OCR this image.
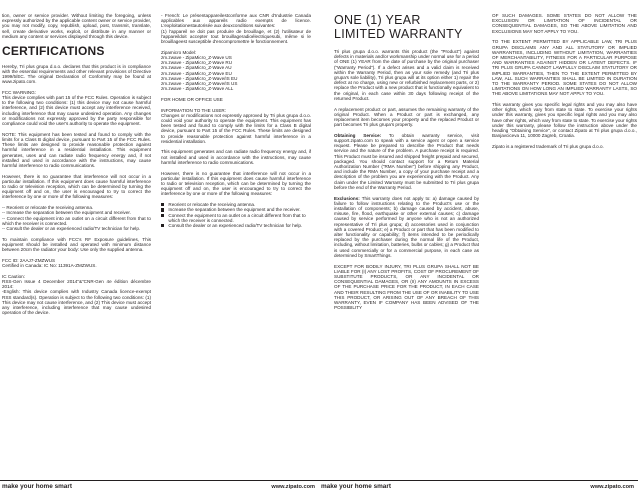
tion, owner or service provider. Without limiting the foregoing, unless expressly authorized by the applicable content owner or service provider, you may not modify, copy, republish, upload, post, transmit, translate, sell, create derivative works, exploit, or distribute in any manner or medium any content or services displayed through this device.

CERTIFICATIONS

Hereby, Tri plus grupa d.o.o. declares that this product is in compliance with the essential requirements and other relevant provisions of Directive 1999/5/EC. The original Declaration of Conformity may be found at www.zipato.com.

FCC WARNING:

This device complies with part 15 of the FCC Rules. Operation is subject to the following two conditions: (1) this device may not cause harmful interference, and (2) this device must accept any interference received, including interference that may cause undesired operation. Any changes or modifications not expressly approved by the party responsible for compliance could void the user's authority to operate the equipment.

NOTE: This equipment has been tested and found to comply with the limits for a Class B digital device, pursuant to Part 15 of the FCC Rules. These limits are designed to provide reasonable protection against harmful interference in a residential installation. This equipment generates, uses and can radiate radio frequency energy and, if not installed and used in accordance with the instructions, may cause harmful interference to radio communications.

However, there is no guarantee that interference will not occur in a particular installation. If this equipment does cause harmful interference to radio or television reception, which can be determined by turning the equipment off and on, the user is encouraged to try to correct the interference by one or more of the following measures:

-- Reorient or relocate the receiving antenna.
-- Increase the separation between the equipment and receiver.
-- Connect the equipment into an outlet on a circuit different from that to which the receiver is connected.
-- Consult the dealer or an experienced radio/TV technician for help.

To maintain compliance with FCC's RF Exposure guidelines, This equipment should be installed and operated with minimum distance between 20cm the radiator your body: Use only the supplied antenna.

FCC ID: 2AAJ7-ZMZWUS

Certified in Canada: IC No: 11391A-ZMZWUS.

IC Caution:

RSS-Gen Issue 4 December 2014"&"CNR-Gen 4e édition décembre 2014:
-English: This device complies with Industry Canada licence-exempt RSS standard(s). Operation is subject to the following two conditions: (1) This device may not cause interference, and (2) This device must accept any interference, including interference that may cause undesired operation of the device.

- French: Le présentappareilestconforme aux CNR d'Industrie Canada applicables aux appareils radio exempts de licence. L'exploitationestautorisée aux deuxconditions suivantes:
(1) l'appareil ne doit pas produire de brouillage, et (2) l'utilisateur de l'appareildoit accepter tout brouillageradioélectriquesubi, même si le brouillageest susceptible d'encompromettre le fonctionnement.

Zipamicro Model:

zm.zwave - ZipaMicro_Z-Wave US
zm.zwave - ZipaMicro_Z-Wave RU
zm.zwave - ZipaMicro_Z-Wave AU
zm.zwave - ZipaMicro_Z-Wave EU
zm.zwave - ZipaMicro_Z-Wave/IS EU
zm.zwave - ZipaMicro_Z-Wave/IS US
zm.zwave - ZipaMicro_Z-Wave ALL

FOR HOME OR OFFICE USE

INFORMATION TO THE USER:
Changes or modifications not expressly approved by Tri plus grupa d.o.o. could void your authority to operate the equipment. This equipment has been tested and found to comply with the limits for a Class B digital device, pursuant to Part 15 of the FCC Rules. These limits are designed to provide reasonable protection against harmful interference in a residential installation.

This equipment generates and can radiate radio frequency energy and, if not installed and used in accordance with the instructions, may cause harmful interference to radio communications.

However, there is no guarantee that interference will not occur in a particular installation. If this equipment does cause harmful interference to radio or television reception, which can be determined by turning the equipment off and on, the user is encouraged to try to correct the interference by one or more of the following measures:

Reorient or relocate the receiving antenna.
Increase the separation between the equipment and the receiver.
Connect the equipment to an outlet on a circuit different from that to which the receiver is connected.
Consult the dealer or an experienced radio/TV technician for help.
ONE (1) YEAR
LIMITED WARRANTY

Tri plus grupa d.o.o. warrants this product (the "Product") against defects in materials and/or workmanship under normal use for a period of ONE (1) YEAR from the date of purchase by the original purchaser ("Warranty Period"). If a defect arises and a valid claim is received within the Warranty Period, then as your sole remedy (and Tri plus grupa's sole liability), Tri plus grupa will at its option either 1) repair the defect at no charge, using new or refurbished replacement parts, or 2) replace the Product with a new product that is functionally equivalent to the original, in each case within 30 days following receipt of the returned Product.

A replacement product or part, assumes the remaining warranty of the original Product. When a Product or part is exchanged, any replacement item becomes your property and the replaced Product or part becomes Tri plus grupa's property.

Obtaining Service: To obtain warranty service, visit support.zipato.com to speak with a service agent or open a service request. Please be prepared to describe the Product that needs service and the nature of the problem. A purchase receipt is required. This Product must be insured and shipped freight prepaid and secured, packaged. You should contact support for a Return Material Authorization Number ("RMA Number") before shipping any Product, and include the RMA Number, a copy of your purchase receipt and a description of the problem you are experiencing with the Product. Any claim under the Limited Warranty must be submitted to Tri plus grupa before the end of the Warranty Period.

Exclusions: This warranty does not apply to: a) damage caused by failure to follow instructions relating to the Product's use or the installation of components; b) damage caused by accident, abuse, misuse, fire, flood, earthquake or other external causes; c) damage caused by service performed by anyone who is not an authorized representative of Tri plus grupa; d) accessories used in conjunction with a covered Product; e) a Product or part that has been modified to alter functionality or capability; f) items intended to be periodically replaced by the purchaser during the normal life of the Product, including, without limitation, batteries, bulbs or cables; g) a Product that is used commercially or for a commercial purpose, in each case as determined by SmartThings.

EXCEPT FOR BODILY INJURY, TRI PLUS GRUPA SHALL NOT BE LIABLE FOR (I) ANY LOST PROFITS, COST OF PROCUREMENT OF SUBSTITUTE PRODUCTS, OR ANY INCIDENTAL OR CONSEQUENTIAL DAMAGES, OR (II) ANY AMOUNTS IN EXCESS OF THE PURCHASE PRICE FOR THE PRODUCT, IN EACH CASE AND THEIR RESULTING FROM THE USE OF OR INABILITY TO USE THIS PRODUCT, OR ARISING OUT OF ANY BREACH OF THIS WARRANTY, EVEN IF COMPANY HAS BEEN ADVISED OF THE POSSIBILITY

OF SUCH DAMAGES. SOME STATES DO NOT ALLOW THE EXCLUSION OR LIMITATION OF INCIDENTAL OR CONSEQUENTIAL DAMAGES, SO THE ABOVE LIMITATION AND EXCLUSIONS MAY NOT APPLY TO YOU.

TO THE EXTENT PERMITTED BY APPLICABLE LAW, TRI PLUS GRUPA DISCLAIMS ANY AND ALL STATUTORY OR IMPLIED WARRANTIES, INCLUDING WITHOUT LIMITATION, WARRANTIES OF MERCHANTABILITY, FITNESS FOR A PARTICULAR PURPOSE AND WARRANTIES AGAINST HIDDEN OR LATENT DEFECTS. IF TRI PLUS GRUPA CANNOT LAWFULLY DISCLAIM STATUTORY OR IMPLIED WARRANTIES, THEN TO THE EXTENT PERMITTED BY LAW, ALL SUCH WARRANTIES SHALL BE LIMITED IN DURATION TO THE WARRANTY PERIOD. SOME STATES DO NOT ALLOW LIMITATIONS ON HOW LONG AN IMPLIED WARRANTY LASTS, SO THE ABOVE LIMITATIONS MAY NOT APPLY TO YOU.

This warranty gives you specific legal rights and you may also have other rights, which vary from state to state. To exercise your rights under this warranty, gives you specific legal rights and you may also have other rights, which vary from state to state. To exercise your rights under this warranty, please follow the instruction above under the heading "Obtaining Service", or contact Zipato at Tri plus grupa d.o.o., Banjavciceva 11, 10000 Zagreb, Croatia.

Zipato is a registered trademark of Tri plus grupa d.o.o.

make your home smart	www.zipato.com make your home smart	www.zipato.com
